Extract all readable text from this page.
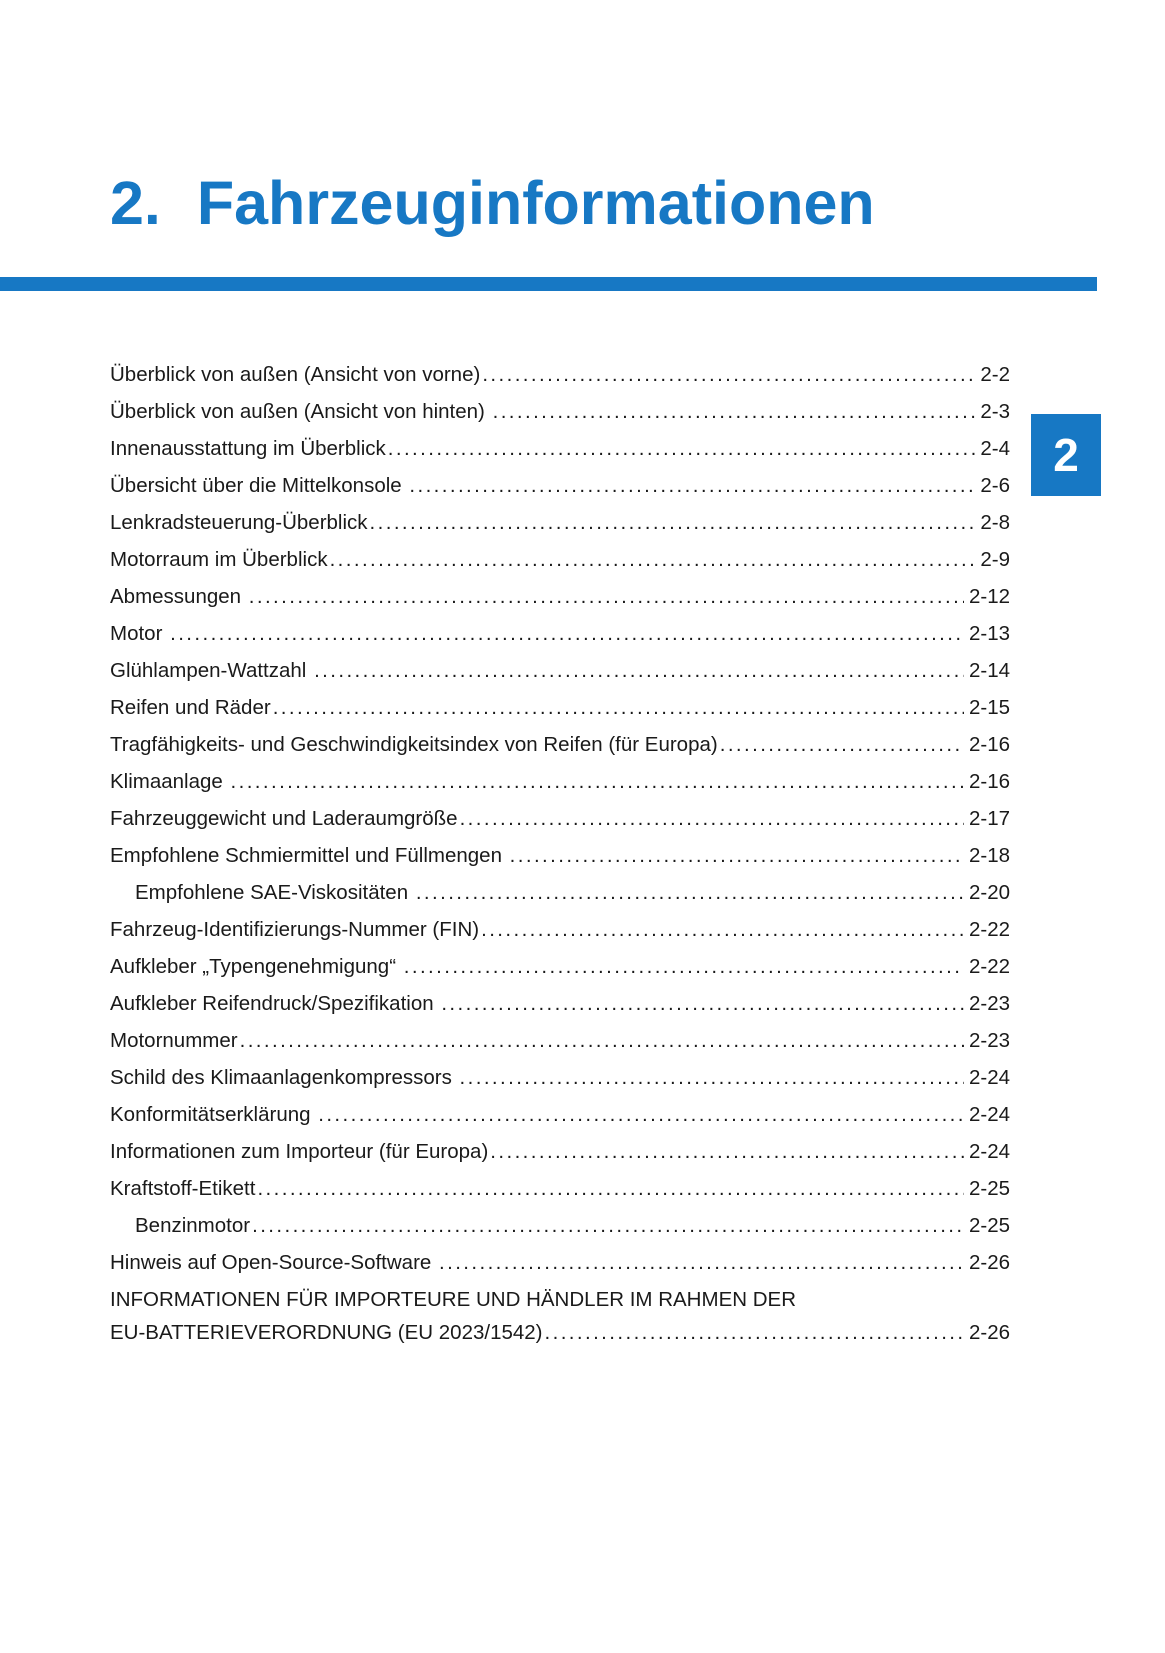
2. Fahrzeuginformationen
2
Überblick von außen (Ansicht von vorne) .....	2-2
Überblick von außen (Ansicht von hinten) .....	2-3
Innenausstattung im Überblick .....	2-4
Übersicht über die Mittelkonsole .....	2-6
Lenkradsteuerung-Überblick .....	2-8
Motorraum im Überblick .....	2-9
Abmessungen .....	2-12
Motor .....	2-13
Glühlampen-Wattzahl .....	2-14
Reifen und Räder .....	2-15
Tragfähigkeits- und Geschwindigkeitsindex von Reifen (für Europa) .....	2-16
Klimaanlage .....	2-16
Fahrzeuggewicht und Laderaumgröße .....	2-17
Empfohlene Schmiermittel und Füllmengen .....	2-18
Empfohlene SAE-Viskositäten .....	2-20
Fahrzeug-Identifizierungs-Nummer (FIN) .....	2-22
Aufkleber „Typengenehmigung“ .....	2-22
Aufkleber Reifendruck/Spezifikation .....	2-23
Motornummer .....	2-23
Schild des Klimaanlagenkompressors .....	2-24
Konformitätserklärung .....	2-24
Informationen zum Importeur (für Europa) .....	2-24
Kraftstoff-Etikett .....	2-25
Benzinmotor .....	2-25
Hinweis auf Open-Source-Software .....	2-26
INFORMATIONEN FÜR IMPORTEURE UND HÄNDLER IM RAHMEN DER
EU-BATTERIEVERORDNUNG (EU 2023/1542) .....	2-26
